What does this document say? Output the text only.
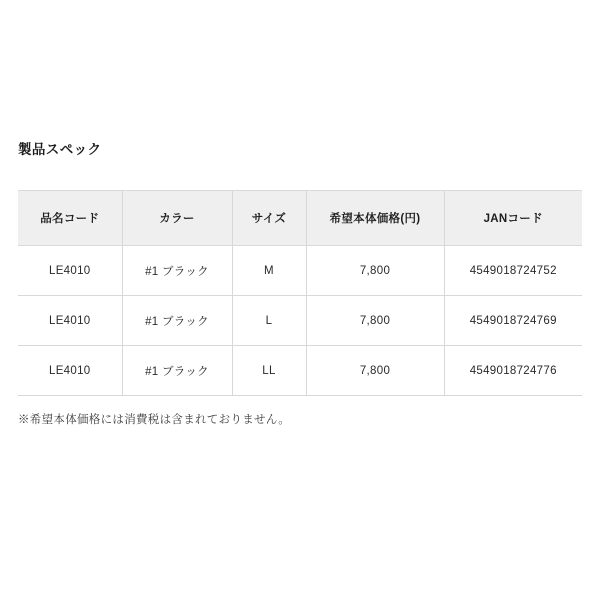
製品スペック
品名コード	カラー	サイズ	希望本体価格(円)	JANコード
LE4010	#1 ブラック	M	7,800	4549018724752
LE4010	#1 ブラック	L	7,800	4549018724769
LE4010	#1 ブラック	LL	7,800	4549018724776
※希望本体価格には消費税は含まれておりません。
